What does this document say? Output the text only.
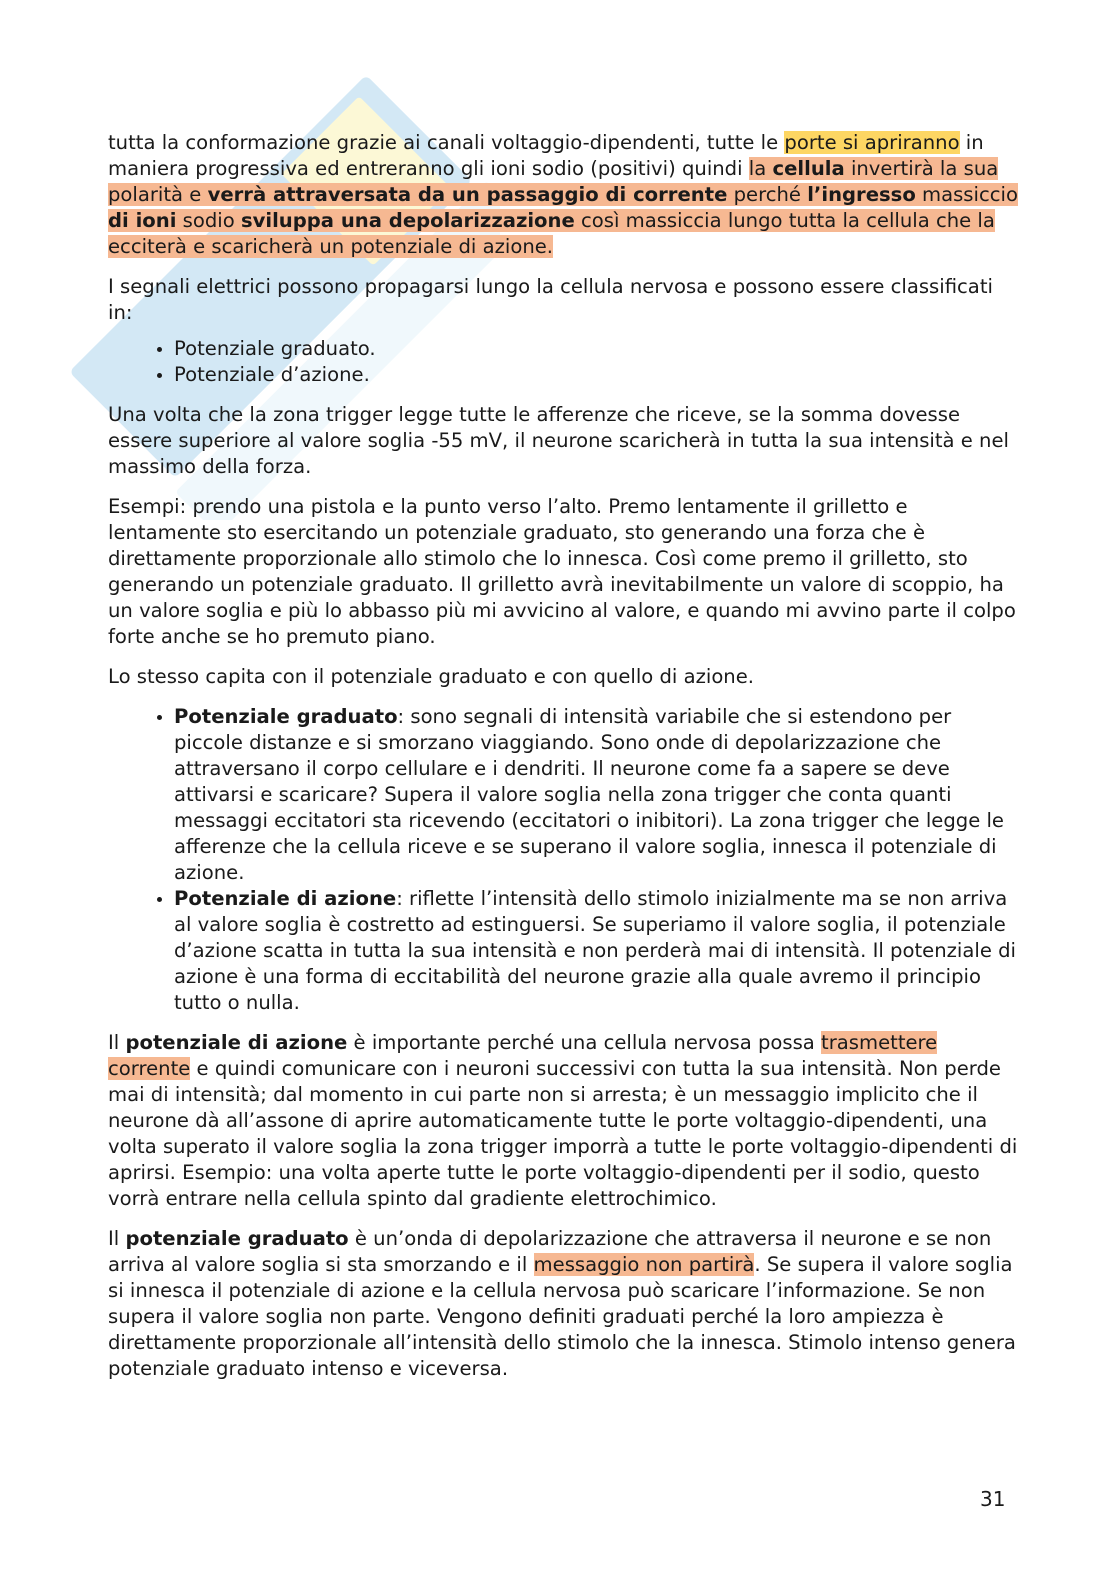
tutta la conformazione grazie ai canali voltaggio-dipendenti, tutte le porte si apriranno in maniera progressiva ed entreranno gli ioni sodio (positivi) quindi la cellula invertirà la sua polarità e verrà attraversata da un passaggio di corrente perché l’ingresso massiccio di ioni sodio sviluppa una depolarizzazione così massiccia lungo tutta la cellula che la ecciterà e scaricherà un potenziale di azione.

I segnali elettrici possono propagarsi lungo la cellula nervosa e possono essere classificati in:

• Potenziale graduato.
• Potenziale d’azione.

Una volta che la zona trigger legge tutte le afferenze che riceve, se la somma dovesse essere superiore al valore soglia -55 mV, il neurone scaricherà in tutta la sua intensità e nel massimo della forza.

Esempi: prendo una pistola e la punto verso l’alto. Premo lentamente il grilletto e lentamente sto esercitando un potenziale graduato, sto generando una forza che è direttamente proporzionale allo stimolo che lo innesca. Così come premo il grilletto, sto generando un potenziale graduato. Il grilletto avrà inevitabilmente un valore di scoppio, ha un valore soglia e più lo abbasso più mi avvicino al valore, e quando mi avvino parte il colpo forte anche se ho premuto piano.

Lo stesso capita con il potenziale graduato e con quello di azione.

• Potenziale graduato: sono segnali di intensità variabile che si estendono per piccole distanze e si smorzano viaggiando. Sono onde di depolarizzazione che attraversano il corpo cellulare e i dendriti. Il neurone come fa a sapere se deve attivarsi e scaricare? Supera il valore soglia nella zona trigger che conta quanti messaggi eccitatori sta ricevendo (eccitatori o inibitori). La zona trigger che legge le afferenze che la cellula riceve e se superano il valore soglia, innesca il potenziale di azione.
• Potenziale di azione: riflette l’intensità dello stimolo inizialmente ma se non arriva al valore soglia è costretto ad estinguersi. Se superiamo il valore soglia, il potenziale d’azione scatta in tutta la sua intensità e non perderà mai di intensità. Il potenziale di azione è una forma di eccitabilità del neurone grazie alla quale avremo il principio tutto o nulla.

Il potenziale di azione è importante perché una cellula nervosa possa trasmettere corrente e quindi comunicare con i neuroni successivi con tutta la sua intensità. Non perde mai di intensità; dal momento in cui parte non si arresta; è un messaggio implicito che il neurone dà all’assone di aprire automaticamente tutte le porte voltaggio-dipendenti, una volta superato il valore soglia la zona trigger imporrà a tutte le porte voltaggio-dipendenti di aprirsi. Esempio: una volta aperte tutte le porte voltaggio-dipendenti per il sodio, questo vorrà entrare nella cellula spinto dal gradiente elettrochimico.

Il potenziale graduato è un’onda di depolarizzazione che attraversa il neurone e se non arriva al valore soglia si sta smorzando e il messaggio non partirà. Se supera il valore soglia si innesca il potenziale di azione e la cellula nervosa può scaricare l’informazione. Se non supera il valore soglia non parte. Vengono definiti graduati perché la loro ampiezza è direttamente proporzionale all’intensità dello stimolo che la innesca. Stimolo intenso genera potenziale graduato intenso e viceversa.

31
